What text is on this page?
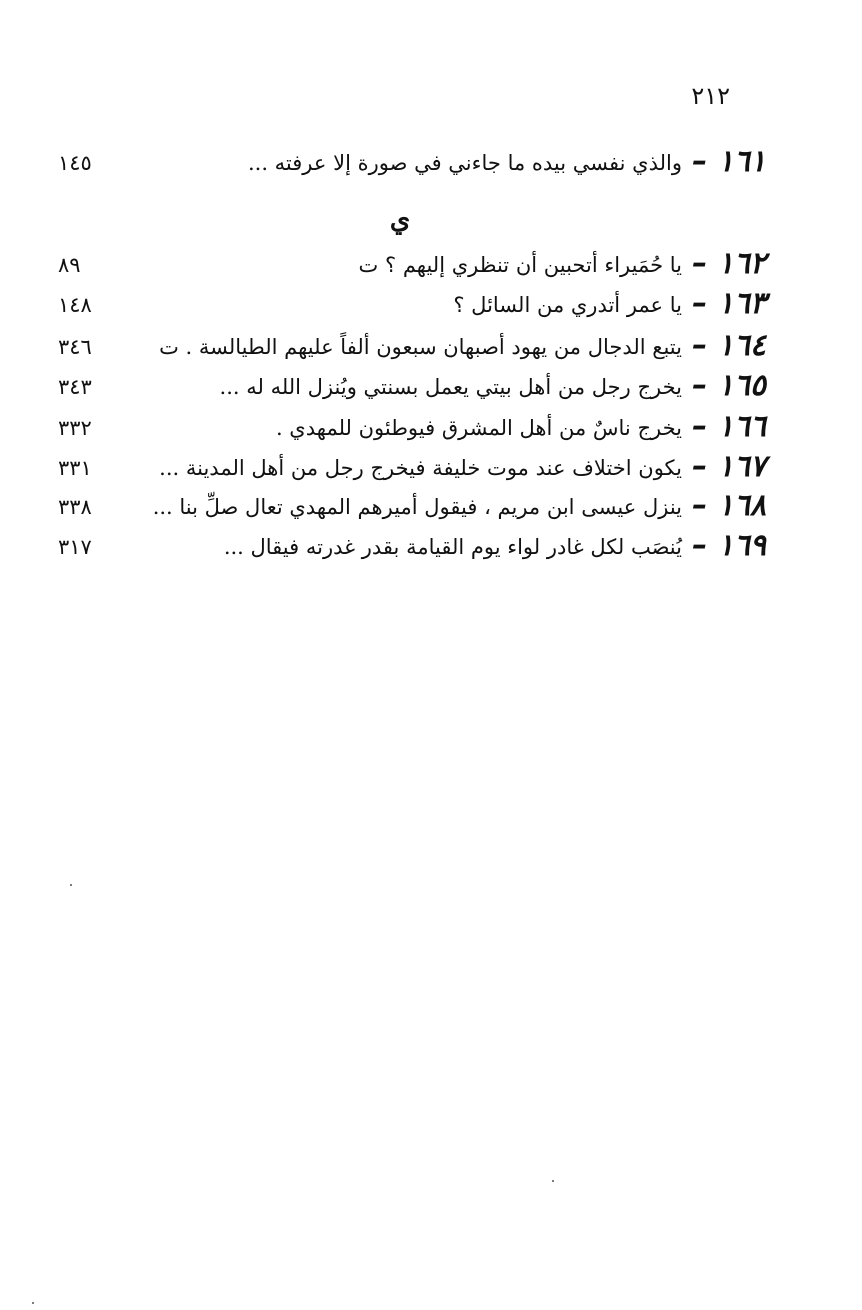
٢١٢
١٦١ –
والذي نفسي بيده ما جاءني في صورة إلا عرفته ...
١٤٥
ي
١٦٢ –
يا حُمَيراء أتحبين أن تنظري إليهم ؟ ت
٨٩
١٦٣ –
يا عمر أتدري من السائل ؟
١٤٨
١٦٤ –
يتبع الدجال من يهود أصبهان سبعون ألفاً عليهم الطيالسة . ت
٣٤٦
١٦٥ –
يخرج رجل من أهل بيتي يعمل بسنتي ويُنزل الله له ...
٣٤٣
١٦٦ –
يخرج ناسٌ من أهل المشرق فيوطئون للمهدي .
٣٣٢
١٦٧ –
يكون اختلاف عند موت خليفة فيخرج رجل من أهل المدينة ...
٣٣١
١٦٨ –
ينزل عيسى ابن مريم ، فيقول أميرهم المهدي تعال صلِّ بنا ...
٣٣٨
١٦٩ –
يُنصَب لكل غادر لواء يوم القيامة بقدر غدرته فيقال ...
٣١٧
